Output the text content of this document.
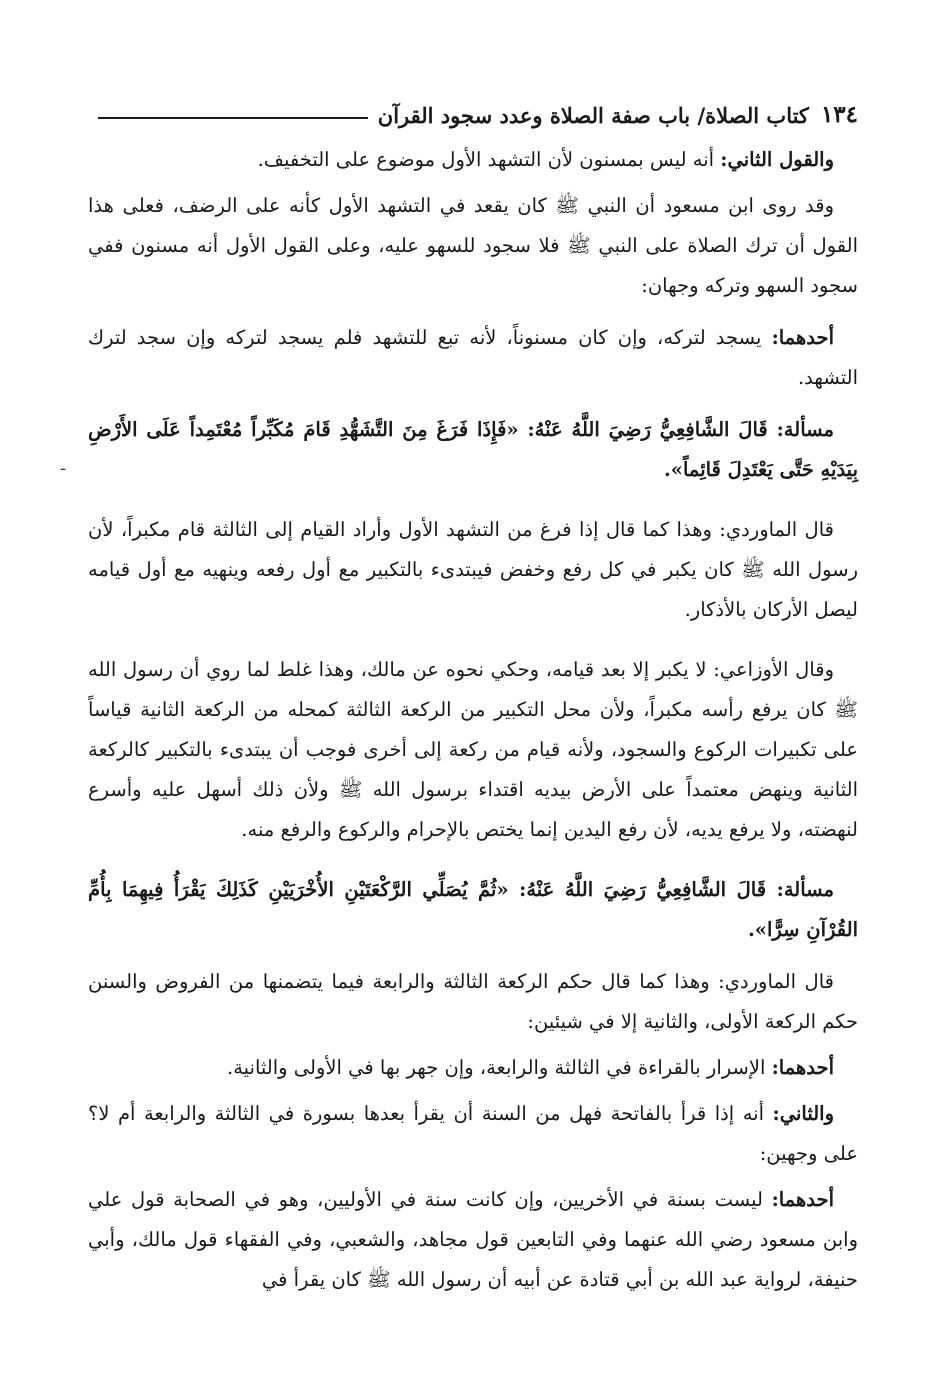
١٣٤
كتاب الصلاة/ باب صفة الصلاة وعدد سجود القرآن

والقول الثاني: أنه ليس بمسنون لأن التشهد الأول موضوع على التخفيف.

وقد روى ابن مسعود أن النبي ﷺ كان يقعد في التشهد الأول كأنه على الرضف، فعلى هذا القول أن ترك الصلاة على النبي ﷺ فلا سجود للسهو عليه، وعلى القول الأول أنه مسنون ففي سجود السهو وتركه وجهان:

أحدهما: يسجد لتركه، وإن كان مسنوناً، لأنه تبع للتشهد فلم يسجد لتركه وإن سجد لترك التشهد.

مسألة: قَالَ الشَّافِعِيُّ رَضِيَ اللَّهُ عَنْهُ: «فَإِذَا فَرَغَ مِنَ التَّشَهُّدِ قَامَ مُكَبِّراً مُعْتَمِداً عَلَى الأَرْضِ بِيَدَيْهِ حَتَّى يَعْتَدِلَ قَائِماً».

قال الماوردي: وهذا كما قال إذا فرغ من التشهد الأول وأراد القيام إلى الثالثة قام مكبراً، لأن رسول الله ﷺ كان يكبر في كل رفع وخفض فيبتدىء بالتكبير مع أول رفعه وينهيه مع أول قيامه ليصل الأركان بالأذكار.

وقال الأوزاعي: لا يكبر إلا بعد قيامه، وحكي نحوه عن مالك، وهذا غلط لما روي أن رسول الله ﷺ كان يرفع رأسه مكبراً، ولأن محل التكبير من الركعة الثالثة كمحله من الركعة الثانية قياساً على تكبيرات الركوع والسجود، ولأنه قيام من ركعة إلى أخرى فوجب أن يبتدىء بالتكبير كالركعة الثانية وينهض معتمداً على الأرض بيديه اقتداء برسول الله ﷺ ولأن ذلك أسهل عليه وأسرع لنهضته، ولا يرفع يديه، لأن رفع اليدين إنما يختص بالإحرام والركوع والرفع منه.

مسألة: قَالَ الشَّافِعِيُّ رَضِيَ اللَّهُ عَنْهُ: «ثُمَّ يُصَلِّي الرَّكْعَتَيْنِ الأُخْرَيَيْنِ كَذَلِكَ يَقْرَأُ فِيهِمَا بِأُمِّ القُرْآنِ سِرًّا».

قال الماوردي: وهذا كما قال حكم الركعة الثالثة والرابعة فيما يتضمنها من الفروض والسنن حكم الركعة الأولى، والثانية إلا في شيئين:

أحدهما: الإسرار بالقراءة في الثالثة والرابعة، وإن جهر بها في الأولى والثانية.

والثاني: أنه إذا قرأ بالفاتحة فهل من السنة أن يقرأ بعدها بسورة في الثالثة والرابعة أم لا؟ على وجهين:

أحدهما: ليست بسنة في الأخريين، وإن كانت سنة في الأوليين، وهو في الصحابة قول علي وابن مسعود رضي الله عنهما وفي التابعين قول مجاهد، والشعبي، وفي الفقهاء قول مالك، وأبي حنيفة، لرواية عبد الله بن أبي قتادة عن أبيه أن رسول الله ﷺ كان يقرأ في

-
